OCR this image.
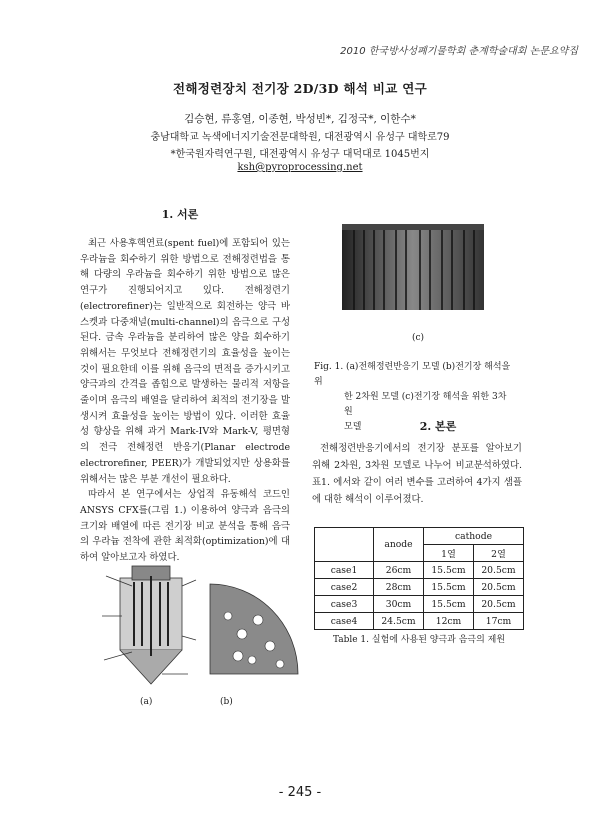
2010 한국방사성폐기물학회 춘계학술대회 논문요약집
전해정련장치 전기장 2D/3D 해석 비교 연구
김승현, 류홍열, 이종현, 박성빈*, 김정국*, 이한수*
충남대학교 녹색에너지기술전문대학원, 대전광역시 유성구 대학로79
*한국원자력연구원, 대전광역시 유성구 대덕대로 1045번지
ksh@pyroprocessing.net
1. 서론

최근 사용후핵연료(spent fuel)에 포함되어 있는 우라늄을 회수하기 위한 방법으로 전해정련법을 통해 다량의 우라늄을 회수하기 위한 방법으로 많은 연구가 진행되어지고 있다. 전해정련기(electrorefiner)는 일반적으로 회전하는 양극 바스켓과 다중채널(multi-channel)의 음극으로 구성된다. 금속 우라늄을 분리하여 많은 양을 회수하기 위해서는 무엇보다 전해정련기의 효율성을 높이는 것이 필요한데 이를 위해 음극의 면적을 증가시키고 양극과의 간격을 좁힘으로 발생하는 물리적 저항을 줄이며 음극의 배열을 달리하여 최적의 전기장을 발생시켜 효율성을 높이는 방법이 있다. 이러한 효율성 향상을 위해 과거 Mark-IV와 Mark-V, 평면형의 전극 전해정련 반응기(Planar electrode electrorefiner, PEER)가 개발되었지만 상용화를 위해서는 많은 부분 개선이 필요하다.

따라서 본 연구에서는 상업적 유동해석 코드인 ANSYS CFX를(그림 1.) 이용하여 양극과 음극의 크기와 배열에 따른 전기장 비교 분석을 통해 음극의 우라늄 전착에 관한 최적화(optimization)에 대하여 알아보고자 하였다.

(c)
Fig. 1. (a)전해정련반응기 모델 (b)전기장 해석을 위

한 2차원 모델 (c)전기장 해석을 위한 3차원
모델	2. 본론

전해정련반응기에서의 전기장 분포를 알아보기 위해 2차원, 3차원 모델로 나누어 비교분석하였다. 표1. 에서와 같이 여러 변수를 고려하여 4가지 샘플에 대한 해석이 이루어졌다.

	anode	cathode	
		1열	2열
case1	26cm	15.5cm	20.5cm
case2	28cm	15.5cm	20.5cm
case3	30cm	15.5cm	20.5cm
case4	24.5cm	12cm	17cm
Table 1. 실험에 사용된 양극과 음극의 제원
(a)	(b)
- 245 -
